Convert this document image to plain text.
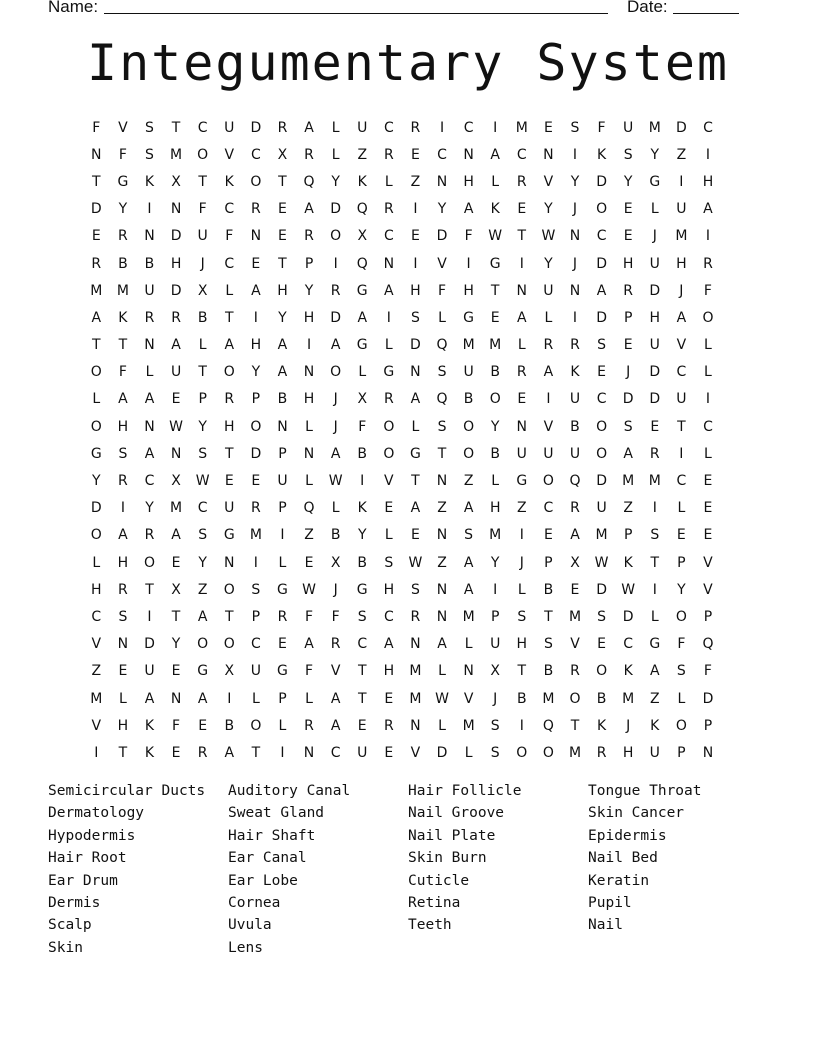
Name:	Date:
Integumentary System
F	V	S	T	C	U	D	R	A	L	U	C	R	I	C	I	M	E	S	F	U	M	D	C
N	F	S	M	O	V	C	X	R	L	Z	R	E	C	N	A	C	N	I	K	S	Y	Z	I
T	G	K	X	T	K	O	T	Q	Y	K	L	Z	N	H	L	R	V	Y	D	Y	G	I	H
D	Y	I	N	F	C	R	E	A	D	Q	R	I	Y	A	K	E	Y	J	O	E	L	U	A
E	R	N	D	U	F	N	E	R	O	X	C	E	D	F	W	T	W	N	C	E	J	M	I
R	B	B	H	J	C	E	T	P	I	Q	N	I	V	I	G	I	Y	J	D	H	U	H	R
M	M	U	D	X	L	A	H	Y	R	G	A	H	F	H	T	N	U	N	A	R	D	J	F
A	K	R	R	B	T	I	Y	H	D	A	I	S	L	G	E	A	L	I	D	P	H	A	O
T	T	N	A	L	A	H	A	I	A	G	L	D	Q	M	M	L	R	R	S	E	U	V	L
O	F	L	U	T	O	Y	A	N	O	L	G	N	S	U	B	R	A	K	E	J	D	C	L
L	A	A	E	P	R	P	B	H	J	X	R	A	Q	B	O	E	I	U	C	D	D	U	I
O	H	N	W	Y	H	O	N	L	J	F	O	L	S	O	Y	N	V	B	O	S	E	T	C
G	S	A	N	S	T	D	P	N	A	B	O	G	T	O	B	U	U	U	O	A	R	I	L
Y	R	C	X	W	E	E	U	L	W	I	V	T	N	Z	L	G	O	Q	D	M	M	C	E
D	I	Y	M	C	U	R	P	Q	L	K	E	A	Z	A	H	Z	C	R	U	Z	I	L	E
O	A	R	A	S	G	M	I	Z	B	Y	L	E	N	S	M	I	E	A	M	P	S	E	E
L	H	O	E	Y	N	I	L	E	X	B	S	W	Z	A	Y	J	P	X	W	K	T	P	V
H	R	T	X	Z	O	S	G	W	J	G	H	S	N	A	I	L	B	E	D	W	I	Y	V
C	S	I	T	A	T	P	R	F	F	S	C	R	N	M	P	S	T	M	S	D	L	O	P
V	N	D	Y	O	O	C	E	A	R	C	A	N	A	L	U	H	S	V	E	C	G	F	Q
Z	E	U	E	G	X	U	G	F	V	T	H	M	L	N	X	T	B	R	O	K	A	S	F
M	L	A	N	A	I	L	P	L	A	T	E	M W	V	J	B	M	O	B	M	Z	L	D
V	H	K	F	E	B	O	L	R	A	E	R	N	L	M	S	I	Q	T	K	J	K	O	P
I	T	K	E	R	A	T	I	N	C	U	E	V	D	L	S	O	O	M	R	H	U	P	N
Semicircular Ducts
Dermatology
Hypodermis
Hair Root
Ear Drum
Dermis
Scalp
Skin
Auditory Canal
Sweat Gland
Hair Shaft
Ear Canal
Ear Lobe
Cornea
Uvula
Lens
Hair Follicle
Nail Groove
Nail Plate
Skin Burn
Cuticle
Retina
Teeth
Tongue Throat
Skin Cancer
Epidermis
Nail Bed
Keratin
Pupil
Nail
